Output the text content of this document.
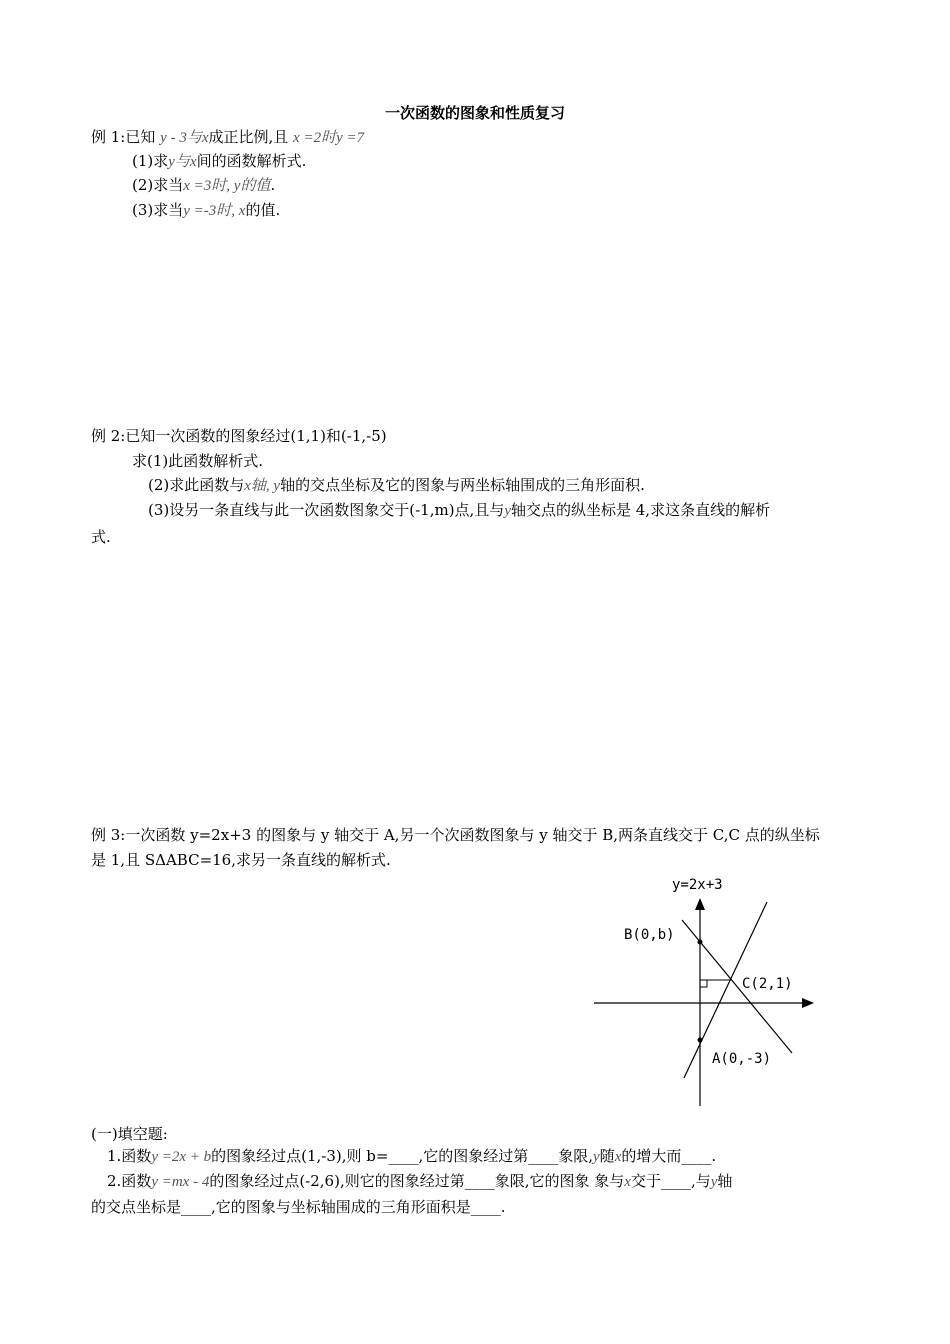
一次函数的图象和性质复习
例 1:已知 y - 3与x成正比例,且 x =2时y =7
(1)求y与x间的函数解析式.
(2)求当x =3时, y的值.
(3)求当y =-3时, x的值.
例 2:已知一次函数的图象经过(1,1)和(-1,-5)
求(1)此函数解析式.
(2)求此函数与x轴, y轴的交点坐标及它的图象与两坐标轴围成的三角形面积.
(3)设另一条直线与此一次函数图象交于(-1,m)点,且与y轴交点的纵坐标是 4,求这条直线的解析
式.
例 3:一次函数 y=2x+3 的图象与 y 轴交于 A,另一个次函数图象与 y 轴交于 B,两条直线交于 C,C 点的纵坐标
是 1,且 SΔABC=16,求另一条直线的解析式.
y=2x+3
B(0,b)
C(2,1)
A(0,-3)
(一)填空题:
1.函数y =2x + b的图象经过点(1,-3),则 b=____,它的图象经过第____象限,y随x的增大而____.
2.函数y =mx - 4的图象经过点(-2,6),则它的图象经过第____象限,它的图象 象与x交于____,与y轴
的交点坐标是____,它的图象与坐标轴围成的三角形面积是____.
